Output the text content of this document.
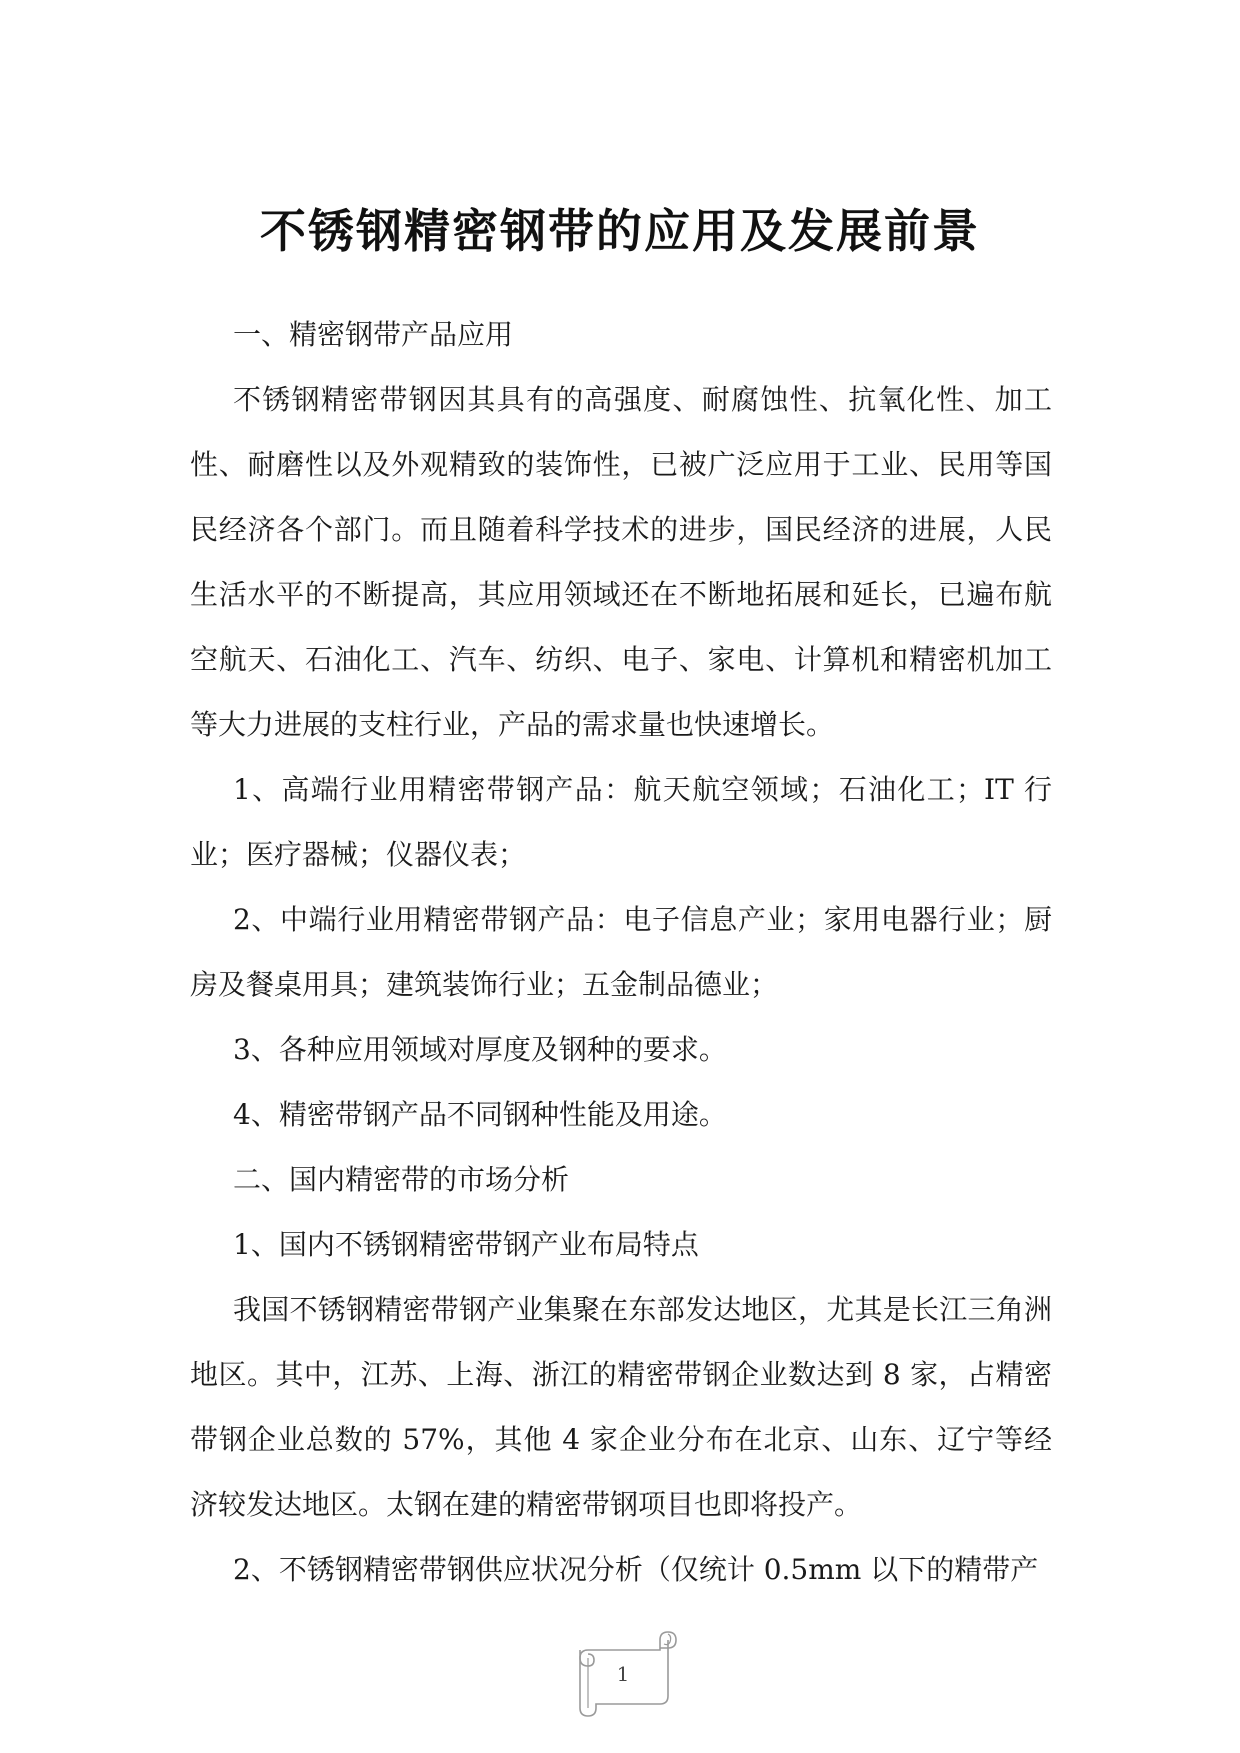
不锈钢精密钢带的应用及发展前景

一、精密钢带产品应用

不锈钢精密带钢因其具有的高强度、耐腐蚀性、抗氧化性、加工性、耐磨性以及外观精致的装饰性，已被广泛应用于工业、民用等国民经济各个部门。而且随着科学技术的进步，国民经济的进展，人民生活水平的不断提高，其应用领域还在不断地拓展和延长，已遍布航空航天、石油化工、汽车、纺织、电子、家电、计算机和精密机加工等大力进展的支柱行业，产品的需求量也快速增长。

1、高端行业用精密带钢产品：航天航空领域；石油化工；IT 行业；医疗器械；仪器仪表；

2、中端行业用精密带钢产品：电子信息产业；家用电器行业；厨房及餐桌用具；建筑装饰行业；五金制品德业；

3、各种应用领域对厚度及钢种的要求。

4、精密带钢产品不同钢种性能及用途。

二、国内精密带的市场分析

1、国内不锈钢精密带钢产业布局特点

我国不锈钢精密带钢产业集聚在东部发达地区，尤其是长江三角洲地区。其中，江苏、上海、浙江的精密带钢企业数达到 8 家，占精密带钢企业总数的 57%，其他 4 家企业分布在北京、山东、辽宁等经济较发达地区。太钢在建的精密带钢项目也即将投产。

2、不锈钢精密带钢供应状况分析（仅统计 0.5mm 以下的精带产

1
